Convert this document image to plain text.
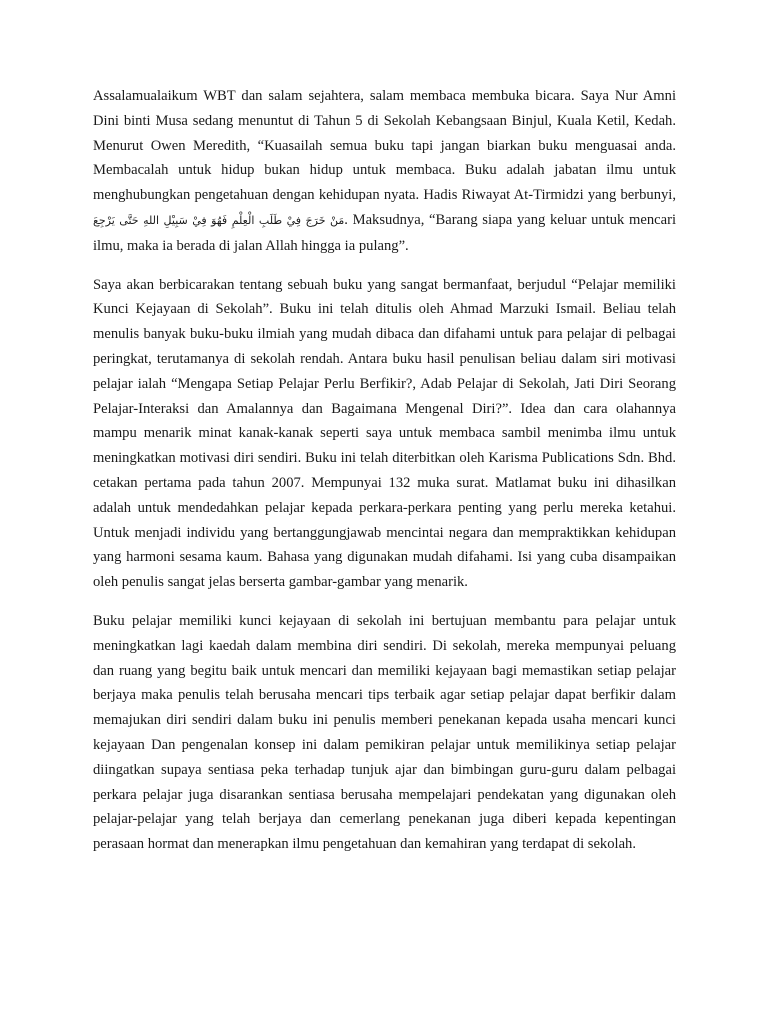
Assalamualaikum WBT dan salam sejahtera, salam membaca membuka bicara. Saya Nur Amni Dini binti Musa sedang menuntut di Tahun 5 di Sekolah Kebangsaan Binjul, Kuala Ketil, Kedah. Menurut Owen Meredith, “Kuasailah semua buku tapi jangan biarkan buku menguasai anda. Membacalah untuk hidup bukan hidup untuk membaca. Buku adalah jabatan ilmu untuk menghubungkan pengetahuan dengan kehidupan nyata. Hadis Riwayat At-Tirmidzi yang berbunyi, مَنْ خَرَجَ فِيْ طَلَبِ الْعِلْمِ فَهُوَ فِيْ سَبِيْلِ اللهِ حَتَّى يَرْجِعَ. Maksudnya, “Barang siapa yang keluar untuk mencari ilmu, maka ia berada di jalan Allah hingga ia pulang”.

Saya akan berbicarakan tentang sebuah buku yang sangat bermanfaat, berjudul “Pelajar memiliki Kunci Kejayaan di Sekolah”. Buku ini telah ditulis oleh Ahmad Marzuki Ismail. Beliau telah menulis banyak buku-buku ilmiah yang mudah dibaca dan difahami untuk para pelajar di pelbagai peringkat, terutamanya di sekolah rendah. Antara buku hasil penulisan beliau dalam siri motivasi pelajar ialah “Mengapa Setiap Pelajar Perlu Berfikir?, Adab Pelajar di Sekolah, Jati Diri Seorang Pelajar-Interaksi dan Amalannya dan Bagaimana Mengenal Diri?”. Idea dan cara olahannya mampu menarik minat kanak-kanak seperti saya untuk membaca sambil menimba ilmu untuk meningkatkan motivasi diri sendiri. Buku ini telah diterbitkan oleh Karisma Publications Sdn. Bhd. cetakan pertama pada tahun 2007. Mempunyai 132 muka surat. Matlamat buku ini dihasilkan adalah untuk mendedahkan pelajar kepada perkara-perkara penting yang perlu mereka ketahui. Untuk menjadi individu yang bertanggungjawab mencintai negara dan mempraktikkan kehidupan yang harmoni sesama kaum. Bahasa yang digunakan mudah difahami. Isi yang cuba disampaikan oleh penulis sangat jelas berserta gambar-gambar yang menarik.

Buku pelajar memiliki kunci kejayaan di sekolah ini bertujuan membantu para pelajar untuk meningkatkan lagi kaedah dalam membina diri sendiri. Di sekolah, mereka mempunyai peluang dan ruang yang begitu baik untuk mencari dan memiliki kejayaan bagi memastikan setiap pelajar berjaya maka penulis telah berusaha mencari tips terbaik agar setiap pelajar dapat berfikir dalam memajukan diri sendiri dalam buku ini penulis memberi penekanan kepada usaha mencari kunci kejayaan Dan pengenalan konsep ini dalam pemikiran pelajar untuk memilikinya setiap pelajar diingatkan supaya sentiasa peka terhadap tunjuk ajar dan bimbingan guru-guru dalam pelbagai perkara pelajar juga disarankan sentiasa berusaha mempelajari pendekatan yang digunakan oleh pelajar-pelajar yang telah berjaya dan cemerlang penekanan juga diberi kepada kepentingan perasaan hormat dan menerapkan ilmu pengetahuan dan kemahiran yang terdapat di sekolah.
